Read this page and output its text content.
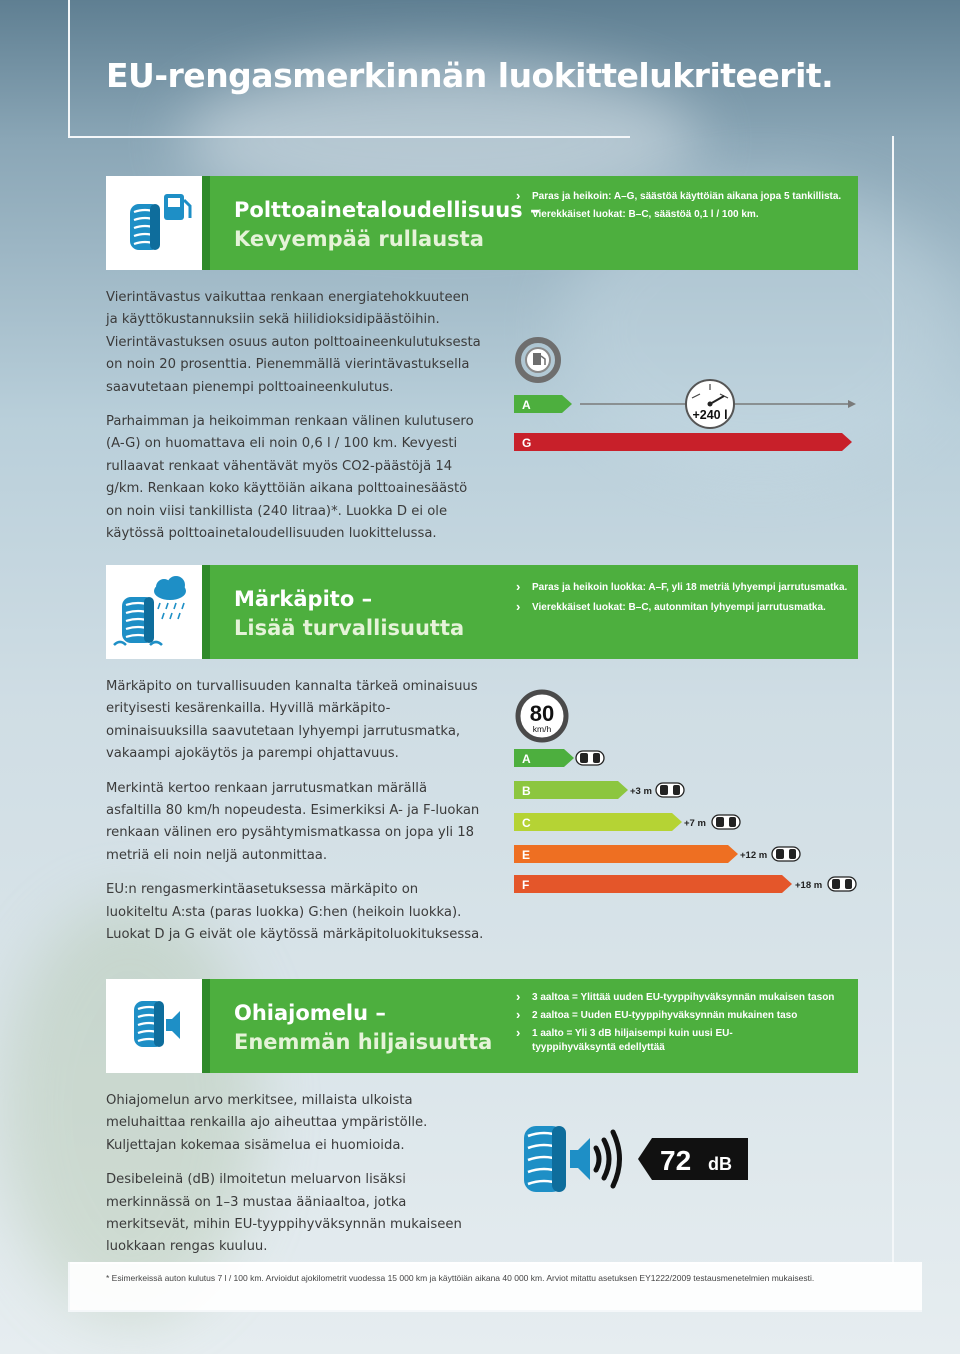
EU-rengasmerkinnän luokittelukriteerit.
Polttoainetaloudellisuus –
Kevyempää rullausta
› Paras ja heikoin: A–G, säästöä käyttöiän aikana jopa 5 tankillista.
› Vierekkäiset luokat: B–C, säästöä 0,1 l / 100 km.

Vierintävastus vaikuttaa renkaan energiatehokkuuteen ja käyttökustannuksiin sekä hiilidioksidipäästöihin. Vierintävastuksen osuus auton polttoaineenkulutuksesta on noin 20 prosenttia. Pienemmällä vierintävastuksella saavutetaan pienempi polttoaineenkulutus.

Parhaimman ja heikoimman renkaan välinen kulutusero (A-G) on huomattava eli noin 0,6 l / 100 km. Kevyesti rullaavat renkaat vähentävät myös CO2-päästöjä 14 g/km. Renkaan koko käyttöiän aikana polttoainesäästö on noin viisi tankillista (240 litraa)*. Luokka D ei ole käytössä polttoainetaloudellisuuden luokittelussa.

A
G
+240 l
Märkäpito –
Lisää turvallisuutta
› Paras ja heikoin luokka: A–F, yli 18 metriä lyhyempi jarrutusmatka.
› Vierekkäiset luokat: B–C, autonmitan lyhyempi jarrutusmatka.

Märkäpito on turvallisuuden kannalta tärkeä ominaisuus erityisesti kesärenkailla. Hyvillä märkäpito-ominaisuuksilla saavutetaan lyhyempi jarrutusmatka, vakaampi ajokäytös ja parempi ohjattavuus.

Merkintä kertoo renkaan jarrutusmatkan märällä asfaltilla 80 km/h nopeudesta. Esimerkiksi A- ja F-luokan renkaan välinen ero pysähtymismatkassa on jopa yli 18 metriä eli noin neljä autonmittaa.

EU:n rengasmerkintäasetuksessa märkäpito on luokiteltu A:sta (paras luokka) G:hen (heikoin luokka). Luokat D ja G eivät ole käytössä märkäpitoluokituksessa.

80
km/h
A
B	+3 m
C	+7 m
E	+12 m
F	+18 m
Ohiajomelu –
Enemmän hiljaisuutta
› 3 aaltoa = Ylittää uuden EU-tyyppihyväksynnän mukaisen tason
› 2 aaltoa = Uuden EU-tyyppihyväksynnän mukainen taso
› 1 aalto = Yli 3 dB hiljaisempi kuin uusi EU-tyyppihyväksyntä edellyttää

Ohiajomelun arvo merkitsee, millaista ulkoista meluhaittaa renkailla ajo aiheuttaa ympäristölle. Kuljettajan kokemaa sisämelua ei huomioida.

Desibeleinä (dB) ilmoitetun meluarvon lisäksi merkinnässä on 1–3 mustaa ääniaaltoa, jotka merkitsevät, mihin EU-tyyppihyväksynnän mukaiseen luokkaan rengas kuuluu.

72 dB
* Esimerkeissä auton kulutus 7 l / 100 km. Arvioidut ajokilometrit vuodessa 15 000 km ja käyttöiän aikana 40 000 km. Arviot mitattu asetuksen EY1222/2009 testausmenetelmien mukaisesti.
